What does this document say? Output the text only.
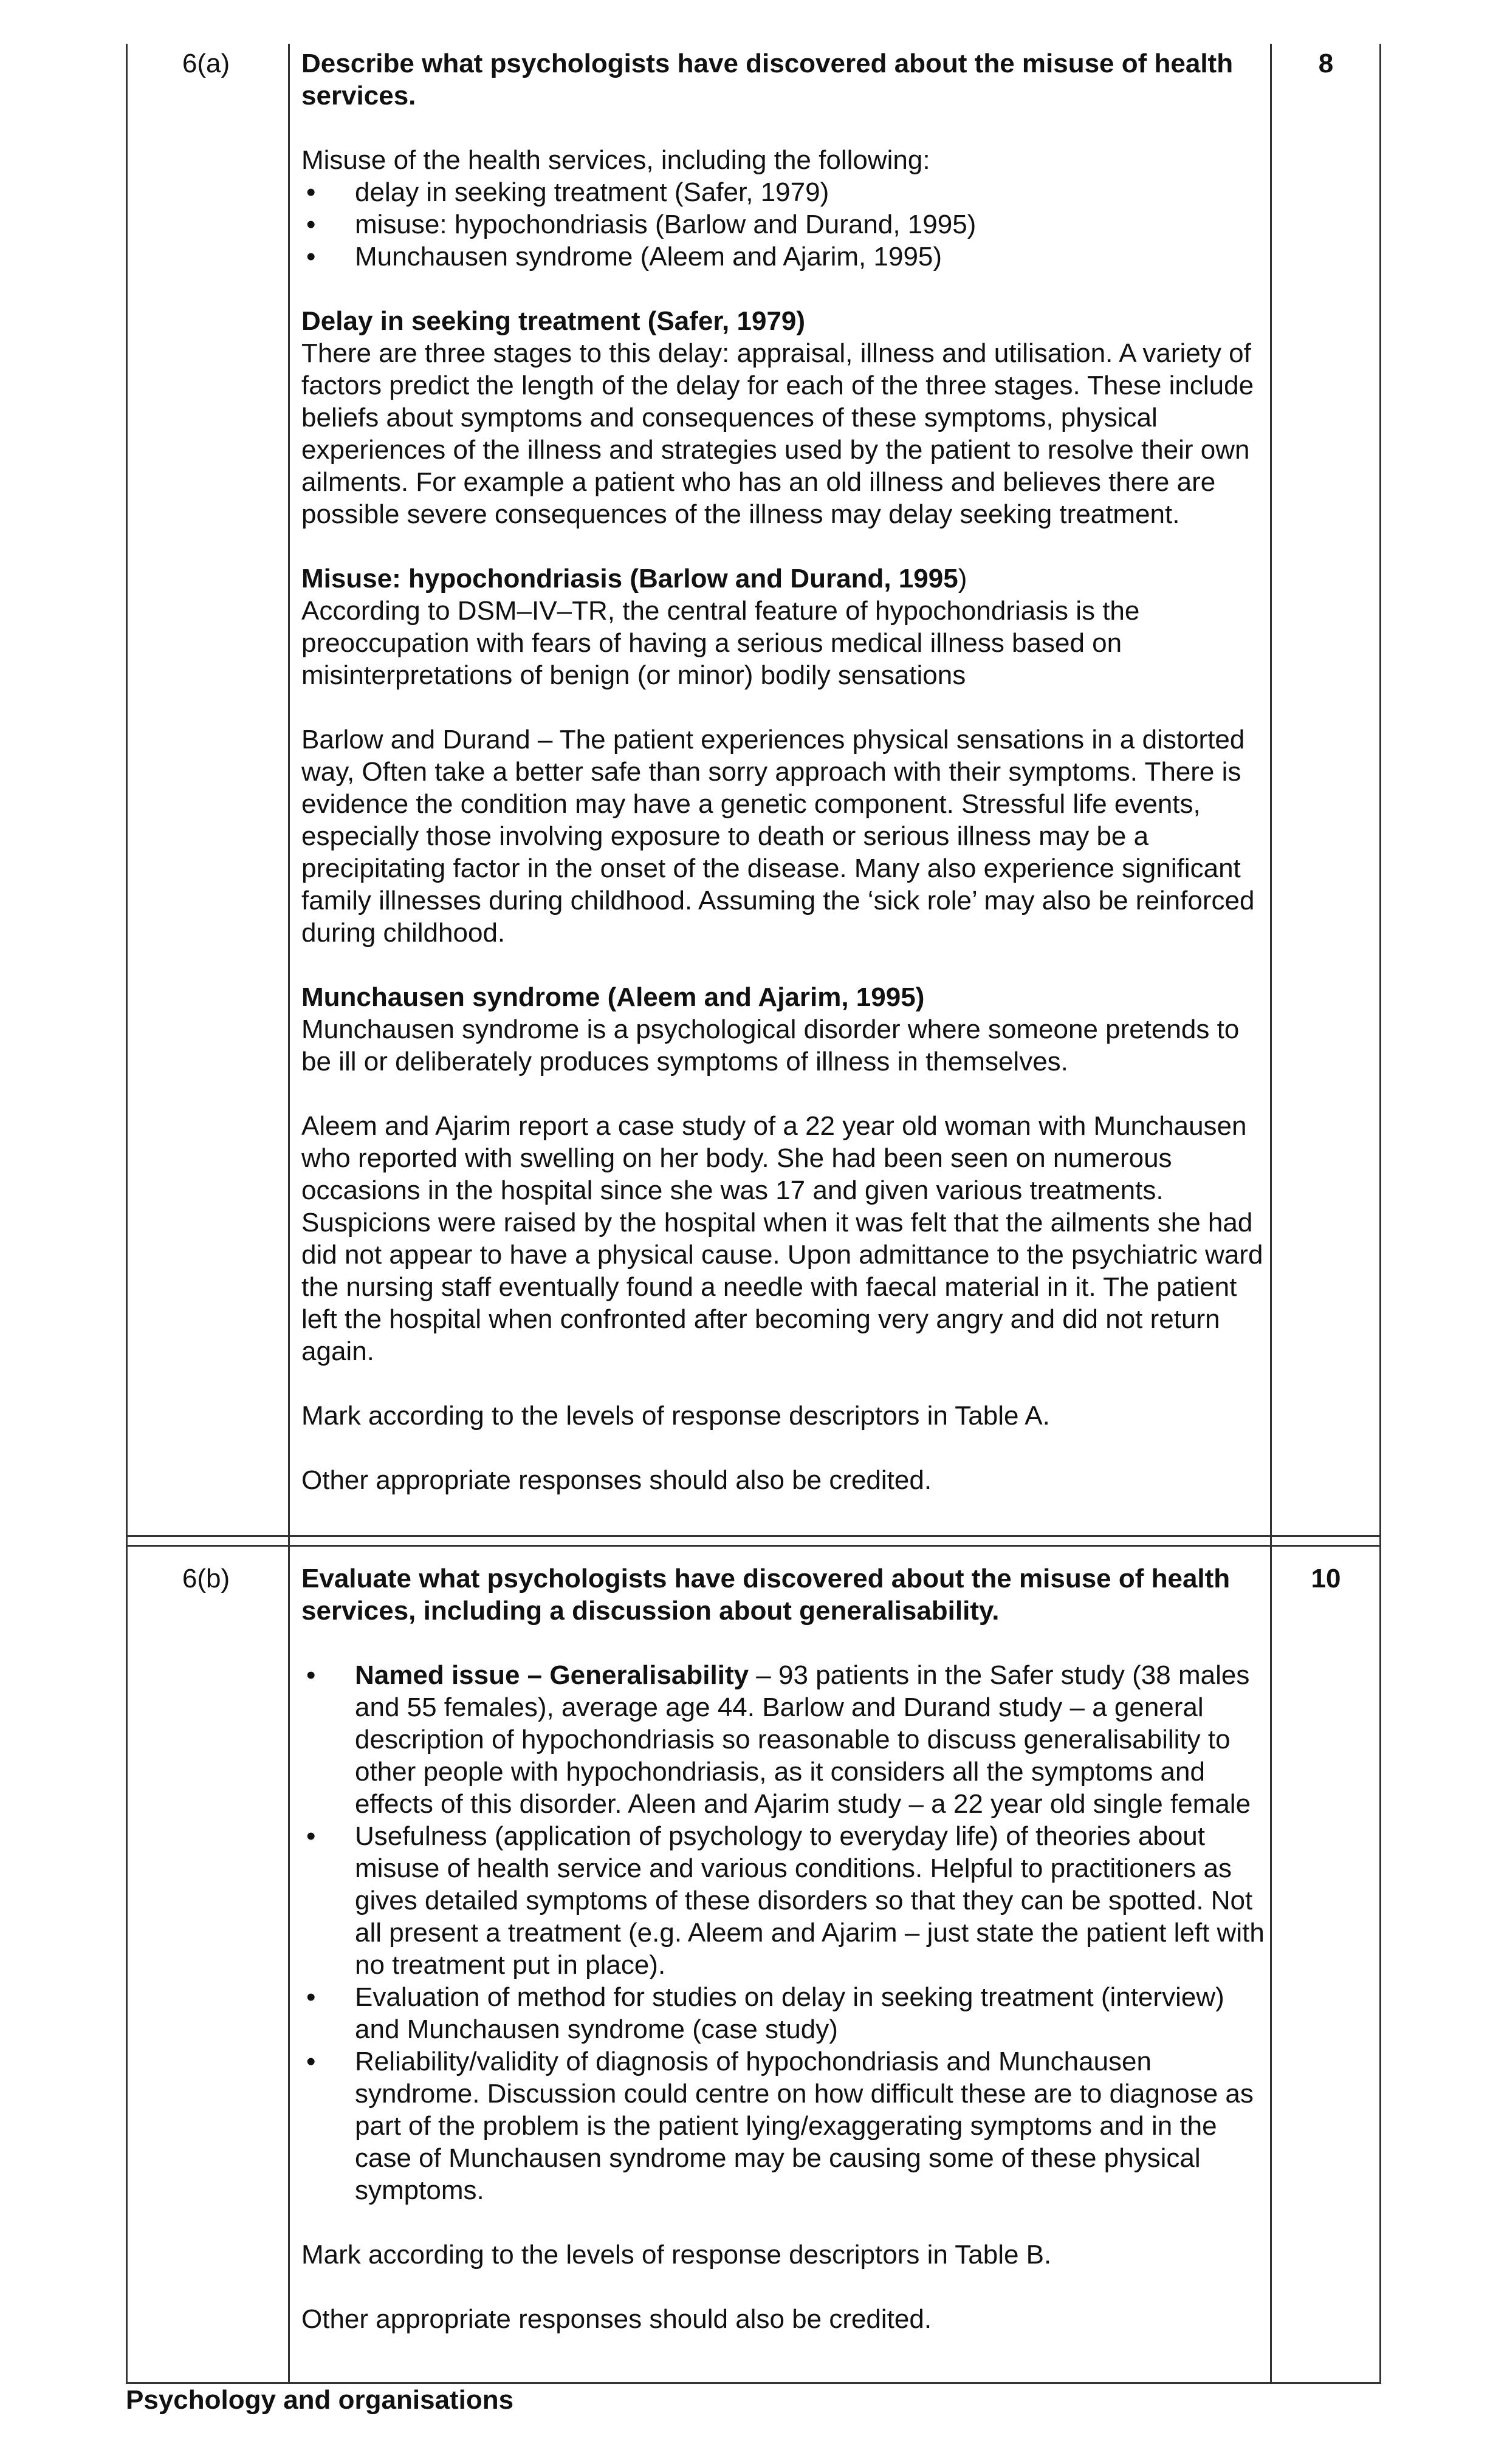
6(a)	8

Describe what psychologists have discovered about the misuse of health services.

Misuse of the health services, including the following:

• delay in seeking treatment (Safer, 1979)
• misuse: hypochondriasis (Barlow and Durand, 1995)
• Munchausen syndrome (Aleem and Ajarim, 1995)

Delay in seeking treatment (Safer, 1979)

There are three stages to this delay: appraisal, illness and utilisation. A variety of factors predict the length of the delay for each of the three stages. These include beliefs about symptoms and consequences of these symptoms, physical experiences of the illness and strategies used by the patient to resolve their own ailments. For example a patient who has an old illness and believes there are possible severe consequences of the illness may delay seeking treatment.

Misuse: hypochondriasis (Barlow and Durand, 1995)

According to DSM–IV–TR, the central feature of hypochondriasis is the preoccupation with fears of having a serious medical illness based on misinterpretations of benign (or minor) bodily sensations

Barlow and Durand – The patient experiences physical sensations in a distorted way, Often take a better safe than sorry approach with their symptoms. There is evidence the condition may have a genetic component. Stressful life events, especially those involving exposure to death or serious illness may be a precipitating factor in the onset of the disease. Many also experience significant family illnesses during childhood. Assuming the ‘sick role’ may also be reinforced during childhood.

Munchausen syndrome (Aleem and Ajarim, 1995)

Munchausen syndrome is a psychological disorder where someone pretends to be ill or deliberately produces symptoms of illness in themselves.

Aleem and Ajarim report a case study of a 22 year old woman with Munchausen who reported with swelling on her body. She had been seen on numerous occasions in the hospital since she was 17 and given various treatments. Suspicions were raised by the hospital when it was felt that the ailments she had did not appear to have a physical cause. Upon admittance to the psychiatric ward the nursing staff eventually found a needle with faecal material in it. The patient left the hospital when confronted after becoming very angry and did not return again.

Mark according to the levels of response descriptors in Table A.

Other appropriate responses should also be credited.

6(b)	10

Evaluate what psychologists have discovered about the misuse of health services, including a discussion about generalisability.

• Named issue – Generalisability – 93 patients in the Safer study (38 males and 55 females), average age 44. Barlow and Durand study – a general description of hypochondriasis so reasonable to discuss generalisability to other people with hypochondriasis, as it considers all the symptoms and effects of this disorder. Aleen and Ajarim study – a 22 year old single female
• Usefulness (application of psychology to everyday life) of theories about misuse of health service and various conditions. Helpful to practitioners as gives detailed symptoms of these disorders so that they can be spotted. Not all present a treatment (e.g. Aleem and Ajarim – just state the patient left with no treatment put in place).
• Evaluation of method for studies on delay in seeking treatment (interview) and Munchausen syndrome (case study)
• Reliability/validity of diagnosis of hypochondriasis and Munchausen syndrome. Discussion could centre on how difficult these are to diagnose as part of the problem is the patient lying/exaggerating symptoms and in the case of Munchausen syndrome may be causing some of these physical symptoms.

Mark according to the levels of response descriptors in Table B.

Other appropriate responses should also be credited.

Psychology and organisations
